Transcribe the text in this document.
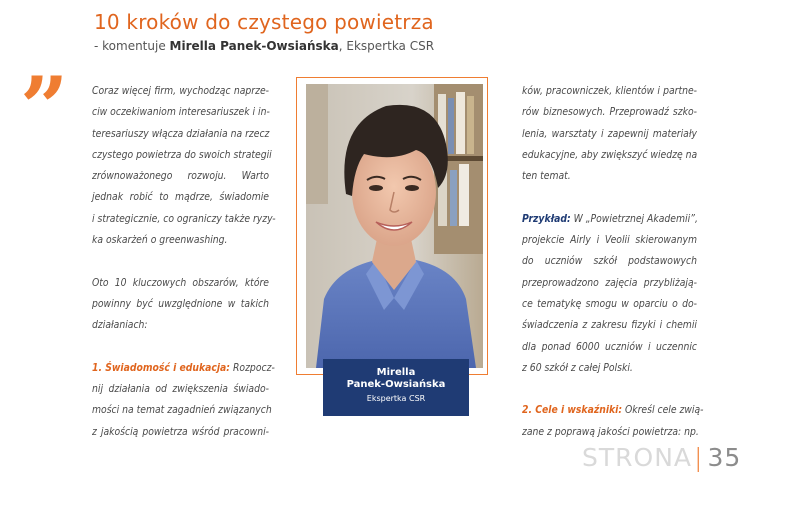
10 kroków do czystego powietrza
- komentuje Mirella Panek-Owsiańska, Ekspertka CSR
” Coraz więcej firm, wychodząc naprze-
ciw oczekiwaniom interesariuszek i in-
teresariuszy włącza działania na rzecz
czystego powietrza do swoich strategii
zrównoważonego rozwoju. Warto
jednak robić to mądrze, świadomie
i strategicznie, co ograniczy także ryzy-
ka oskarżeń o greenwashing.
Oto 10 kluczowych obszarów, które
powinny być uwzględnione w takich
działaniach:
1. Świadomość i edukacja: Rozpocz-
nij działania od zwiększenia świado-
mości na temat zagadnień związanych
z jakością powietrza wśród pracowni-
Mirella
Panek-Owsiańska
Ekspertka CSR
ków, pracowniczek, klientów i partne-
rów biznesowych. Przeprowadź szko-
lenia, warsztaty i zapewnij materiały
edukacyjne, aby zwiększyć wiedzę na
ten temat.
Przykład: W „Powietrznej Akademii”,
projekcie Airly i Veolii skierowanym
do uczniów szkół podstawowych
przeprowadzono zajęcia przybliżają-
ce tematykę smogu w oparciu o do-
świadczenia z zakresu fizyki i chemii
dla ponad 6000 uczniów i uczennic
z 60 szkół z całej Polski.
2. Cele i wskaźniki: Określ cele zwią-
zane z poprawą jakości powietrza: np.
STRONA| 35
